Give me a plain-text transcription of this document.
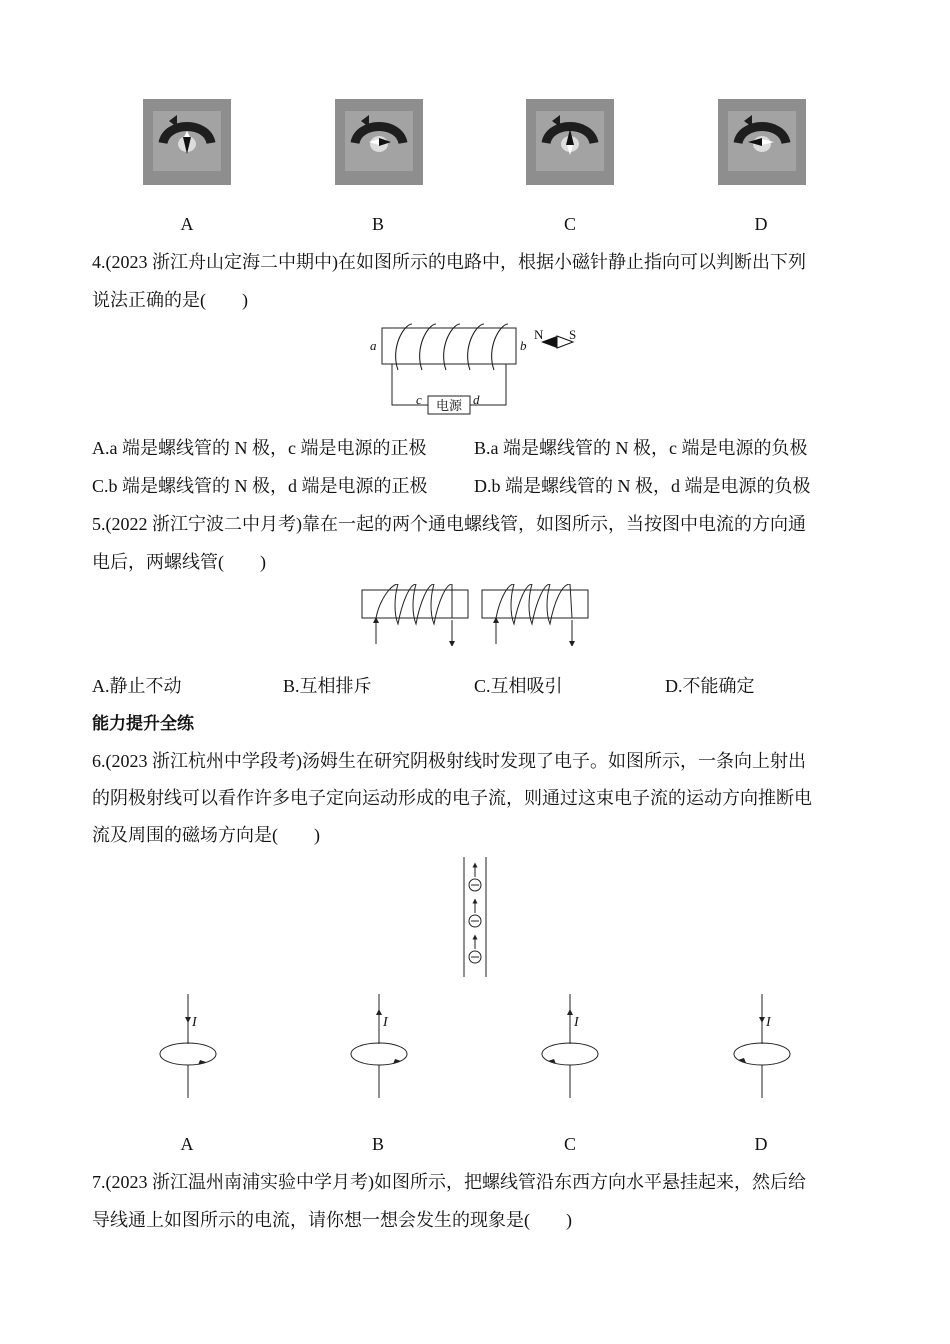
A	B	C	D
4.(2023 浙江舟山定海二中期中)在如图所示的电路中，根据小磁针静止指向可以判断出下列
说法正确的是(　　)
电源
a	b
c	d
N S
A.a 端是螺线管的 N 极，c 端是电源的正极	B.a 端是螺线管的 N 极，c 端是电源的负极
C.b 端是螺线管的 N 极，d 端是电源的正极	D.b 端是螺线管的 N 极，d 端是电源的负极
5.(2022 浙江宁波二中月考)靠在一起的两个通电螺线管，如图所示，当按图中电流的方向通
电后，两螺线管(　　)
A.静止不动	B.互相排斥	C.互相吸引	D.不能确定
能力提升全练
6.(2023 浙江杭州中学段考)汤姆生在研究阴极射线时发现了电子。如图所示，一条向上射出
的阴极射线可以看作许多电子定向运动形成的电子流，则通过这束电子流的运动方向推断电
流及周围的磁场方向是(　　)
I	I	I	I
A	B	C	D
7.(2023 浙江温州南浦实验中学月考)如图所示，把螺线管沿东西方向水平悬挂起来，然后给
导线通上如图所示的电流，请你想一想会发生的现象是(　　)
